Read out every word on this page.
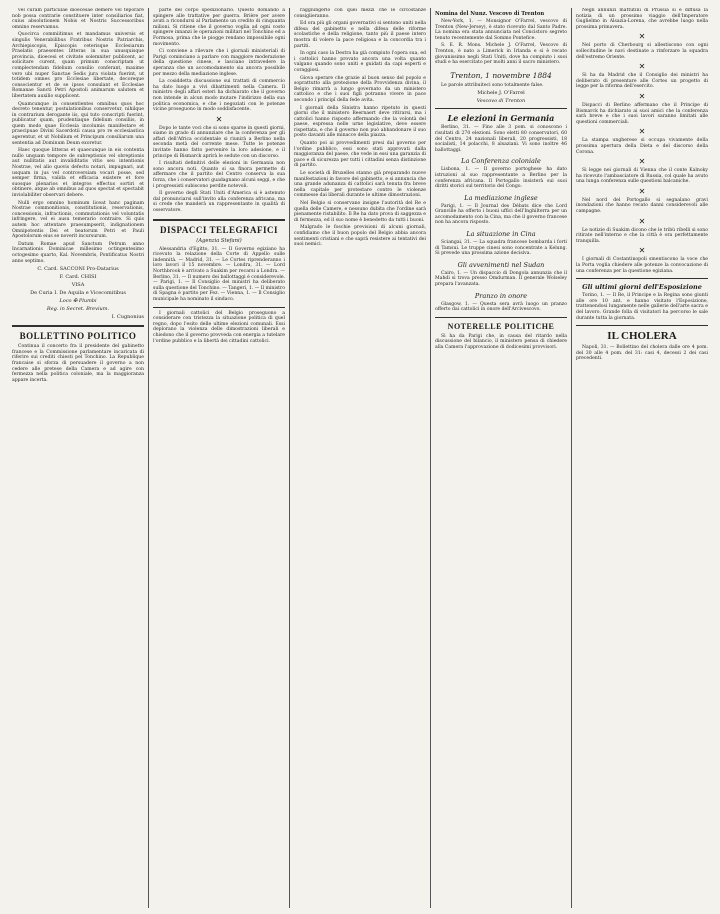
vel curam particulae dioecesae demere vel teporare nob possa contrarie constituere inter consiliarios fiat, cuius absolutionem Nobis et Nostris Successoribus omnino reservamus.

Quocirca commiitimus et mandamus universis et singulis Venerabilibus Fratribus Nostris Patriarchis, Archiepiscopis, Episcopis ceterisque Ecclesiarum Praelatis praesentes litteras in sua unusquisque provincia, dioecesi et civitate solemniter publicent, ac solicitare curent, quam primum conscriptam ut complectendam fidelium consilio conferant, maxime vero ubi nuper Sanctae Sedis jura violata fuerint, ut totidem omnes pro Ecclesiae libertate, decoreque consocientur et de se ipsos consulant et Ecclesiae Romanae Sancti Petri Apostoli animarum salutem et libertatem auxilio supplicent.

Quamcunque in consentientes omnibus quos hoc decreto tenentur, postulationibus conservetur, nihilque in contrarium derogante iis, qui tuto conscripti fuerint, publicatur quam, prudentiaque fidelium consiliis, in quem modo quae Ecclesia incolumis manifestare et praecipuae Divini Sacerdotii causa pro re ecclesiastica agerentur, et ut Nobilium et Principum consiliarum una sententia ad Dominum Deum exoretur.

Haec quoque litteras et quaecunque in eis contenta nullo unquam tempore de subreptionis vel obreptionis aut nullitatis aut invaliditatis vitio seu intentionis Nostrae, vel alio quovis defectu notari, impugnari, aut usquam in jus vel controversiam vocari posse, sed semper firma, valida et efficacia existere et fore suosque plenarios et integros effectus sortiri et obtinere, atque ab omnibus ad quos spectat et spectabit inviolabiliter observari debere.

Nulli ergo omnino hominum liceat hanc paginam Nostrae commonitionis, constitutionis, reservationis, concessionis, infractionis, commutationis vel voluntatis infringere, vel ei ausu temerario contraire. Si quis autem hoc attentare praesumpserit, indignationem Omnipotentis Dei et beatorum Petri et Pauli Apostolorum eius se noverit incursurum.

Datum Romae apud Sanctum Petrum anno Incarnationis Dominicae millesimo octingentesimo octogesimo quarto, Kal. Novembris, Pontificatus Nostri anno septimo.

C. Card. SACCONI Pro-Datarius
F. Card. CHISI
VISA
De Curia I. De Aquila e Vicecomitibus
Loco ✠ Plumbi
Reg. in Secret. Brevium.
I. Cugnonius
BOLLETTINO POLITICO

Continua il concerto fra il presidente del gabinetto francese e la Commissione parlamentare incaricata di riferire sui crediti chiesti pel Tonchino. La Republique francaise si sforza di persuadere il governo a non cedere alle pretese della Camera e ad agire con fermezza nella politica coloniale, ma la maggioranza appare incerta.

parte del corpo spedizionario. Questo domando a spingere alle trattative per guerra. Brière per avere avuti a ricondursi al Parlamento un credito di cinquanta milioni. Si ritiene che il governo voglia ad ogni costo spingere innanzi le operazioni militari nel Tonchino ed a Formosa, prima che le piogge rendano impossibile ogni movimento.

Ci conviene a rilevare che i giornali ministeriali di Parigi cominciano a parlare con maggiore moderazione della questione cinese, e lasciano intravedere la speranza che un accomodamento sia ancora possibile per mezzo della mediazione inglese.

La cosiddetta discussione sui trattati di commercio ha dato luogo a vivi dibattimenti nella Camera. Il ministro degli affari esteri ha dichiarato che il governo non intende in alcun modo mutare l'indirizzo della sua politica economica, e che i negoziati con le potenze vicine proseguono in modo soddisfacente.

✕

Dopo le tante voci che si sono sparse in questi giorni, siamo in grado di annunziare che la conferenza per gli affari dell'Africa occidentale si riunirà a Berlino nella seconda metà del corrente mese. Tutte le potenze invitate hanno fatto pervenire la loro adesione, e il principe di Bismarck aprirà le sedute con un discorso.

I risultati definitivi delle elezioni in Germania non sono ancora noti. Quanto si sa finora permette di affermare che il partito del Centro conserva la sua forza, che i conservatori guadagnano alcuni seggi, e che i progressisti subiscono perdite notevoli.

Il governo degli Stati Uniti d'America si è astenuto dal pronunciarsi sull'invito alla conferenza africana, ma si crede che manderà un rappresentante in qualità di osservatore.

DISPACCI TELEGRAFICI
(Agenzia Stefani)

Alessandria d'Egitto, 31. — Il Governo egiziano ha ricevuto la relazione della Corte di Appello sulle indennità. — Madrid, 31. — Le Cortes riprenderanno i loro lavori il 15 novembre. — Londra, 31. — Lord Northbrook è arrivato a Suakim per recarsi a Londra. — Berlino, 31. — Il numero dei ballottaggi è considerevole. — Parigi, 1. — Il Consiglio dei ministri ha deliberato sulla questione del Tonchino. — Tangeri, 1. — Il ministro di Spagna è partito per Fez. — Vienna, 1. — Il Consiglio municipale ha nominato il sindaco.

I giornali cattolici del Belgio proseguono a considerare con tristezza la situazione politica di quel regno, dopo l'esito delle ultime elezioni comunali. Essi deplorano la violenza delle dimostrazioni liberali e chiedono che il governo provveda con energia a tutelare l'ordine pubblico e la libertà dei cittadini cattolici.

raggiungerlo con quei mezzi che le circostanze consiglieranno.

Ed ora più gli organi governativi si sentono uniti nella difesa del gabinetto e nella difesa delle riforme scolastiche e della religione, tanto più il paese intero mostra di volere la pace religiosa e la concordia tra i partiti.

In ogni caso la Destra ha già compiuto l'opera sua, ed i cattolici hanno provato ancora una volta quanto valgano quando sono uniti e guidati da capi esperti e coraggiosi.

Giova sperare che grazie al buon senso del popolo e soprattutto alla protezione della Provvidenza divina, il Belgio rimarrà a lungo governato da un ministero cattolico e che i suoi figli potranno vivere in pace secondo i principî della fede avita.

I giornali della Sinistra hanno ripetuto in questi giorni che il ministero Beernaert deve ritirarsi, ma i cattolici hanno risposto affermando che la volontà del paese, espressa nelle urne legislative, deve essere rispettata, e che il governo non può abbandonare il suo posto davanti alle minacce della piazza.

Quanto poi ai provvedimenti presi dal governo per l'ordine pubblico, essi sono stati approvati dalla maggioranza del paese, che vede in essi una garanzia di pace e di sicurezza per tutti i cittadini senza distinzione di partito.

Le società di Bruxelles stanno già preparando nuove manifestazioni in favore del gabinetto, e si annuncia che una grande adunanza di cattolici sarà tenuta fra breve nella capitale per protestare contro le violenze commesse dai liberali durante le ultime dimostrazioni.

Nel Belgio si conservano insigne l'autorità del Re e quella delle Camere, e nessuno dubita che l'ordine sarà pienamente ristabilito. Il Re ha dato prova di saggezza e di fermezza, ed il suo nome è benedetto da tutti i buoni.

Malgrado le foschie previsioni di alcuni giornali, confidiamo che il buon popolo del Belgio abbia ancora sentimenti cristiani e che saprà resistere ai tentativi dei suoi nemici.

Nomina del Nunz. Vescovo di Trenton

New-York, 1. — Monsignor O'Farrel, vescovo di Trenton (New-Jersey), è stato ricevuto dal Santo Padre. La nomina era stata annunciata nel Concistoro segreto tenuto recentemente dal Sommo Pontefice.

S. E. R. Mons. Michele J. O'Farrel, Vescovo di Trenton, è nato a Limerick in Irlanda e si è recato giovanissimo negli Stati Uniti, dove ha compiuto i suoi studi e ha esercitato per molti anni il sacro ministero.

Trenton, 1 novembre 1884

Le parole attribuiteci sono totalmente false.

Michele J. O'Farrel
Vescovo di Trenton
Le elezioni in Germania

Berlino, 31. — Fino alle 3 pom. si conoscono i risultati di 270 elezioni. Sono eletti 80 conservatori, 60 del Centro, 24 nazionali liberali, 20 progressisti, 18 socialisti, 14 polacchi, 8 alsaziani. Vi sono inoltre 46 ballottaggi.

La Conferenza coloniale

Lisbona, 1. — Il governo portoghese ha dato istruzioni al suo rappresentante a Berlino per la conferenza africana. Il Portogallo insisterà sui suoi diritti storici sul territorio del Congo.

La mediazione inglese

Parigi, 1. — Il Journal des Débats dice che Lord Granville ha offerto i buoni uffici dell'Inghilterra per un accomodamento con la Cina, ma che il governo francese non ha ancora risposto.

La situazione in Cina

Sciangai, 31. — La squadra francese bombarda i forti di Tamsui. Le truppe cinesi sono concentrate a Kelung. Si prevede una prossima azione decisiva.

Gli avvenimenti nel Sudan

Cairo, 1. — Un dispaccio di Dongola annunzia che il Mahdi si trova presso Omdurman. Il generale Wolseley prepara l'avanzata.

Pranzo in onore

Glasgow, 1. — Questa sera avrà luogo un pranzo offerto dai cattolici in onore dell'Arcivescovo.

NOTERELLE POLITICHE

Si ha da Parigi che, in causa del ritardo nella discussione del bilancio, il ministero pensa di chiedere alla Camera l'approvazione di dodicesimi provvisori.

Negli annunzi mattutini di Prussia si è diffusa la notizia di un prossimo viaggio dell'Imperatore Guglielmo in Alsazia-Lorena, che avrebbe luogo nella prossima primavera.

✕

Nel porto di Cherbourg si allestiscono con ogni sollecitudine le navi destinate a rinforzare la squadra dell'estremo Oriente.

✕

Si ha da Madrid che il Consiglio dei ministri ha deliberato di presentare alle Cortes un progetto di legge per la riforma dell'esercito.

✕

Dispacci di Berlino affermano che il Principe di Bismarck ha dichiarato ai suoi amici che la conferenza sarà breve e che i suoi lavori saranno limitati alle questioni commerciali.

✕

La stampa ungherese si occupa vivamente della prossima apertura della Dieta e del discorso della Corona.

✕

Si legge nei giornali di Vienna che il conte Kalnoky ha ricevuto l'ambasciatore di Russia, col quale ha avuto una lunga conferenza sulle questioni balcaniche.

✕

Nel nord del Portogallo si segnalano gravi inondazioni che hanno recato danni considerevoli alle campagne.

✕

Le notizie di Suakim dicono che le tribù ribelli si sono ritirate nell'interno e che la città è ora perfettamente tranquilla.

✕

I giornali di Costantinopoli smentiscono la voce che la Porta voglia chiedere alle potenze la convocazione di una conferenza per la questione egiziana.

Gli ultimi giorni dell'Esposizione

Torino, 1. — Il Re, il Principe e la Regina sono giunti alle ore 10 ant. e hanno visitato l'Esposizione, trattenendosi lungamente nelle gallerie dell'arte sacra e del lavoro. Grande folla di visitatori ha percorso le sale durante tutta la giornata.

IL CHOLERA

Napoli, 31. — Bollettino del cholera dalle ore 4 pom. del 30 alle 4 pom. del 31: casi 4, decessi 2 dei casi precedenti.
